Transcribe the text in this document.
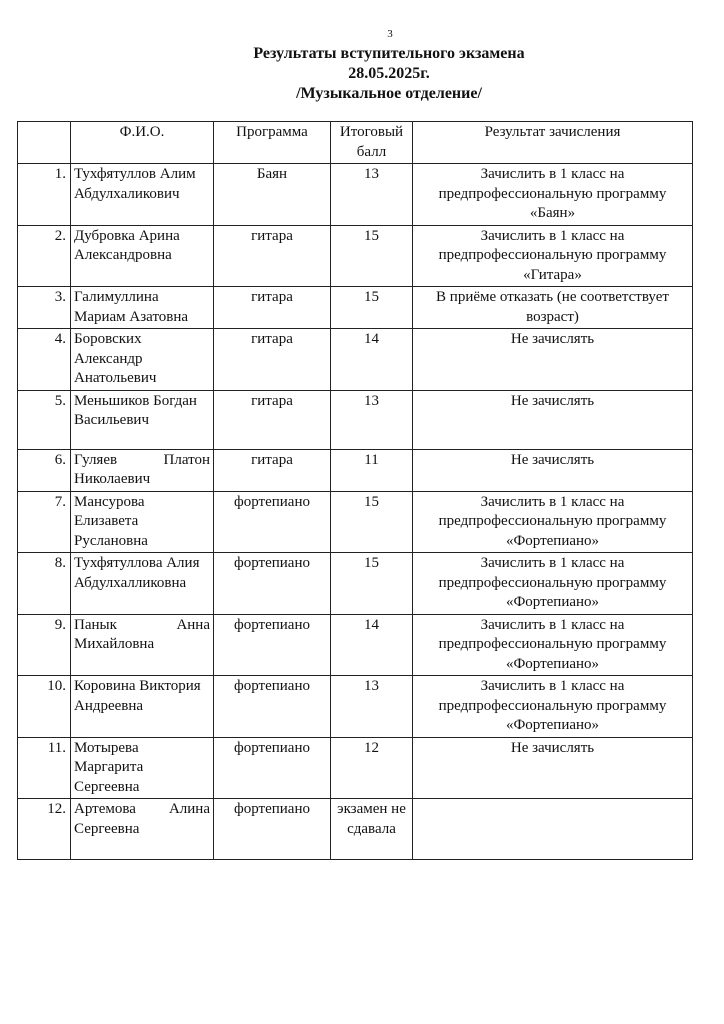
3
Результаты вступительного экзамена
28.05.2025г.
/Музыкальное отделение/
	Ф.И.О.	Программа	Итоговый балл	Результат зачисления
1.	Тухфятуллов Алим Абдулхаликович	Баян	13	Зачислить в 1 класс на предпрофессиональную программу «Баян»
2.	Дубровка Арина Александровна	гитара	15	Зачислить в 1 класс на предпрофессиональную программу «Гитара»
3.	Галимуллина Мариам Азатовна	гитара	15	В приёме отказать (не соответствует возраст)
4.	Боровских Александр Анатольевич	гитара	14	Не зачислять
5.	Меньшиков Богдан Васильевич	гитара	13	Не зачислять
6.	Гуляев Платон Николаевич	гитара	11	Не зачислять
7.	Мансурова Елизавета Руслановна	фортепиано	15	Зачислить в 1 класс на предпрофессиональную программу «Фортепиано»
8.	Тухфятуллова Алия Абдулхалликовна	фортепиано	15	Зачислить в 1 класс на предпрофессиональную программу «Фортепиано»
9.	Панык Анна Михайловна	фортепиано	14	Зачислить в 1 класс на предпрофессиональную программу «Фортепиано»
10.	Коровина Виктория Андреевна	фортепиано	13	Зачислить в 1 класс на предпрофессиональную программу «Фортепиано»
11.	Мотырева Маргарита Сергеевна	фортепиано	12	Не зачислять
12.	Артемова Алина Сергеевна	фортепиано	экзамен не сдавала	
